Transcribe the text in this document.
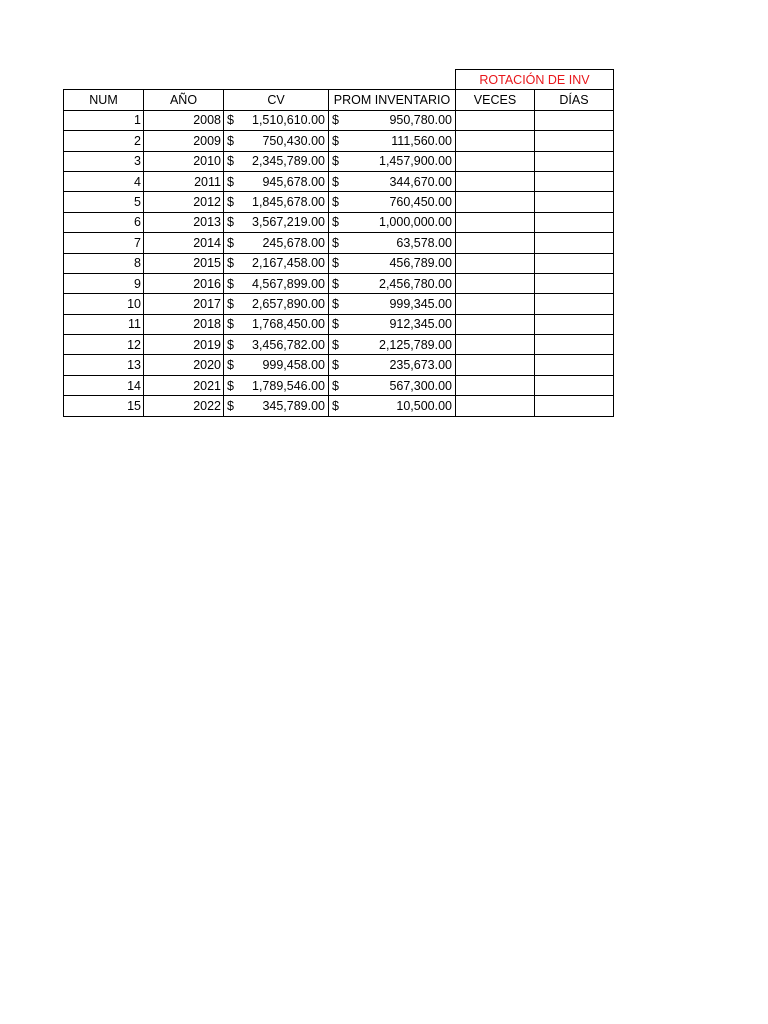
				ROTACIÓN DE INV	
NUM	AÑO	CV	PROM INVENTARIO	VECES	DÍAS
1	2008	$ 1,510,610.00	$ 950,780.00		

2	2009	$ 750,430.00	$ 111,560.00		

3	2010	$ 2,345,789.00	$ 1,457,900.00		

4	2011	$ 945,678.00	$ 344,670.00		

5	2012	$ 1,845,678.00	$ 760,450.00		

6	2013	$ 3,567,219.00	$ 1,000,000.00		

7	2014	$ 245,678.00	$ 63,578.00		

8	2015	$ 2,167,458.00	$ 456,789.00		

9	2016	$ 4,567,899.00	$ 2,456,780.00		

10	2017	$ 2,657,890.00	$ 999,345.00		

11	2018	$ 1,768,450.00	$ 912,345.00		

12	2019	$ 3,456,782.00	$ 2,125,789.00		

13	2020	$ 999,458.00	$ 235,673.00		

14	2021	$ 1,789,546.00	$ 567,300.00		

15	2022	$ 345,789.00	$ 10,500.00		
